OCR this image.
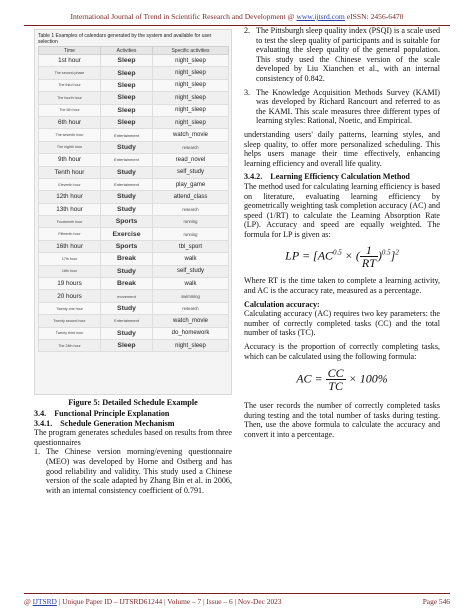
International Journal of Trend in Scientific Research and Development @ www.ijtsrd.com eISSN: 2456-6470
Table 1 Examples of calendars generated by the system and available for user selection
Time	Activities	Specific activities
1st hour	Sleep	night_sleep
The second phase	Sleep	night_sleep
The third hour	Sleep	night_sleep
The fourth hour	Sleep	night_sleep
The 5th hour	Sleep	night_sleep
6th hour	Sleep	night_sleep
The seventh hour	Entertainment	watch_movie
The eighth hour	Study	research
9th hour	Entertainment	read_novel
Tenth hour	Study	self_study
Eleventh hour	Entertainment	play_game
12th hour	Study	attend_class
13th hour	Study	research
Fourteenth hour	Sports	running
Fifteenth hour	Exercise	running
16th hour	Sports	tbl_sport
17th hour	Break	walk
18th hour	Study	self_study
19 hours	Break	walk
20 hours	movement	swimming
Twenty one hour	Study	research
Twenty second hour	Entertainment	watch_movie
Twenty third hour	Study	do_homework
The 24th hour	Sleep	night_sleep
Figure 5: Detailed Schedule Example
3.4. Functional Principle Explanation
3.4.1. Schedule Generation Mechanism
The program generates schedules based on results from three questionnaires
1. The Chinese version morning/evening questionnaire (MEO) was developed by Horne and Ostberg and has good reliability and validity. This study used a Chinese version of the scale adapted by Zhang Bin et al. in 2006, with an internal consistency coefficient of 0.791.
2. The Pittsburgh sleep quality index (PSQI) is a scale used to test the sleep quality of participants and is suitable for evaluating the sleep quality of the general population. This study used the Chinese version of the scale developed by Liu Xianchen et al., with an internal consistency of 0.842.
3. The Knowledge Acquisition Methods Survey (KAMI) was developed by Richard Rancourt and referred to as the KAMI. This scale measures three different types of learning styles: Rational, Noetic, and Empirical.
understanding users' daily patterns, learning styles, and sleep quality, to offer more personalized scheduling. This helps users manage their time effectively, enhancing learning efficiency and overall life quality.
3.4.2. Learning Efficiency Calculation Method
The method used for calculating learning efficiency is based on literature, evaluating learning efficiency by geometrically weighting task completion accuracy (AC) and speed (1/RT) to calculate the Learning Absorption Rate (LP). Accuracy and speed are equally weighted. The formula for LP is given as:
LP = [$AC^{0.5}$ × ( $\frac{1}{RT} )^{0.5}]^2$
Where RT is the time taken to complete a learning activity, and AC is the accuracy rate, measured as a percentage.
Calculation accuracy:
Calculating accuracy (AC) requires two key parameters: the number of correctly completed tasks (CC) and the total number of tasks (TC).
Accuracy is the proportion of correctly completing tasks, which can be calculated using the following formula:
AC = $\frac{CC}{TC} \times 100\%$
The user records the number of correctly completed tasks during testing and the total number of tasks during testing. Then, use the above formula to calculate the accuracy and convert it into a percentage.
@ IJTSRD | Unique Paper ID – IJTSRD61244 | Volume – 7 | Issue – 6 | Nov-Dec 2023	Page 546
